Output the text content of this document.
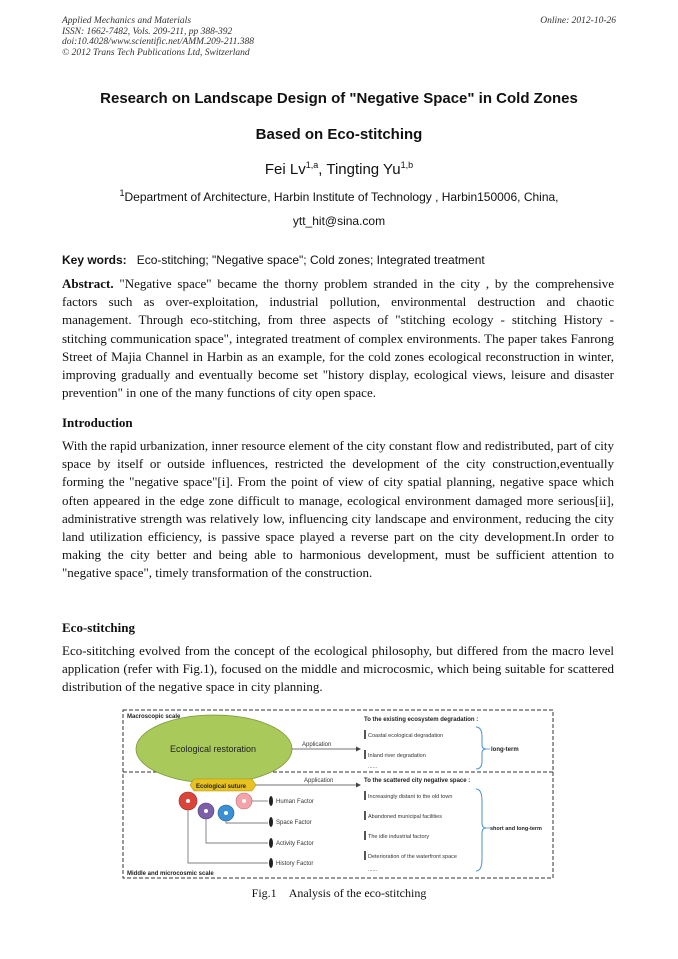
Applied Mechanics and Materials
ISSN: 1662-7482, Vols. 209-211, pp 388-392
doi:10.4028/www.scientific.net/AMM.209-211.388
© 2012 Trans Tech Publications Ltd, Switzerland
Online: 2012-10-26
Research on Landscape Design of "Negative Space" in Cold Zones
Based on Eco-stitching
Fei Lv$^{1,a}$, Tingting Yu$^{1,b}$
$^1$Department of Architecture, Harbin Institute of Technology , Harbin150006, China,
ytt_hit@sina.com
Key words: Eco-stitching; "Negative space"; Cold zones; Integrated treatment
Abstract. "Negative space" became the thorny problem stranded in the city , by the comprehensive factors such as over-exploitation, industrial pollution, environmental destruction and chaotic management. Through eco-stitching, from three aspects of "stitching ecology - stitching History - stitching communication space", integrated treatment of complex environments. The paper takes Fanrong Street of Majia Channel in Harbin as an example, for the cold zones ecological reconstruction in winter, improving gradually and eventually become set "history display, ecological views, leisure and disaster prevention" in one of the many functions of city open space.
Introduction
With the rapid urbanization, inner resource element of the city constant flow and redistributed, part of city space by itself or outside influences, restricted the development of the city construction,eventually forming the "negative space"[i]. From the point of view of city spatial planning, negative space which often appeared in the edge zone difficult to manage, ecological environment damaged more serious[ii], administrative strength was relatively low, influencing city landscape and environment, reducing the city land utilization efficiency, is passive space played a reverse part on the city development.In order to making the city better and being able to harmonious development, must be sufficient attention to "negative space", timely transformation of the construction.
Eco-stitching
Eco-sititching evolved from the concept of the ecological philosophy, but differed from the macro level application (refer with Fig.1), focused on the middle and microcosmic, which being suitable for scattered distribution of the negative space in city planning.
Macroscopic scale
Middle and microcosmic scale
Ecological restoration	Application
To the existing ecosystem degradation :
Coastal ecological degradation
Inland river degradation
......
long-term
Ecological suture
Application
Human Factor
Space Factor
Activity Factor
History Factor
To the scattered city negative space :
Increasingly distant to the old town
Abandoned municipal facilities
The idle industrial factory
Deterioration of the waterfront space
......
short and long-term
Fig.1 Analysis of the eco-stitching
